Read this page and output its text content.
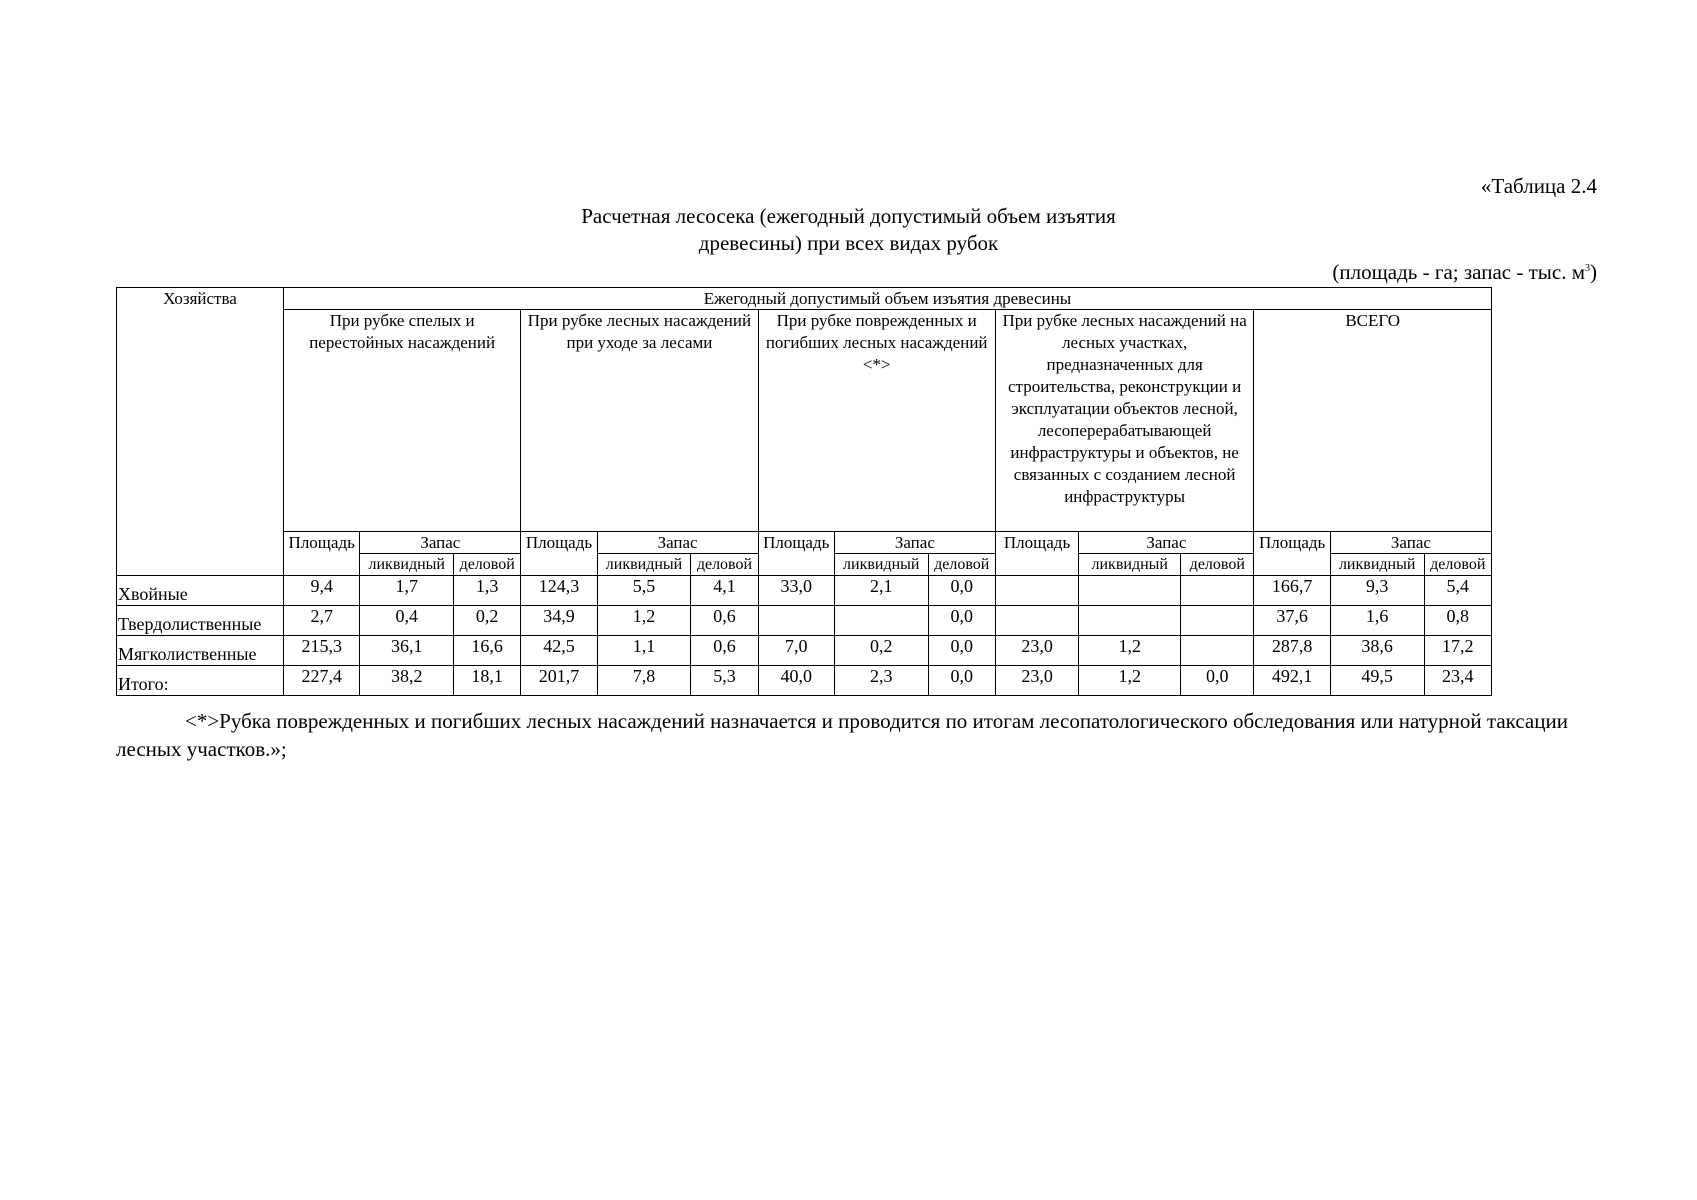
«Таблица 2.4
Расчетная лесосека (ежегодный допустимый объем изъятия
древесины) при всех видах рубок
(площадь - га; запас - тыс. $м^3$)
Хозяйства	Ежегодный допустимый объем изъятия древесины														
	При рубке спелых и перестойных насаждений			При рубке лесных насаждений при уходе за лесами			При рубке поврежденных и погибших лесных насаждений <*>			При рубке лесных насаждений на лесных участках, предназначенных для строительства, реконструкции и эксплуатации объектов лесной, лесоперерабатывающей инфраструктуры и объектов, не связанных с созданием лесной инфраструктуры			ВСЕГО		
	Площадь	Запас		Площадь	Запас		Площадь	Запас		Площадь	Запас		Площадь	Запас	
		ликвидный	деловой		ликвидный	деловой		ликвидный	деловой		ликвидный	деловой		ликвидный	деловой
Хвойные	9,4	1,7	1,3	124,3	5,5	4,1	33,0	2,1	0,0				166,7	9,3	5,4
Твердолиственные	2,7	0,4	0,2	34,9	1,2	0,6			0,0				37,6	1,6	0,8
Мягколиственные	215,3	36,1	16,6	42,5	1,1	0,6	7,0	0,2	0,0	23,0	1,2		287,8	38,6	17,2
Итого:	227,4	38,2	18,1	201,7	7,8	5,3	40,0	2,3	0,0	23,0	1,2	0,0	492,1	49,5	23,4
<*>Рубка поврежденных и погибших лесных насаждений назначается и проводится по итогам лесопатологического обследования или натурной таксации лесных участков.»;
